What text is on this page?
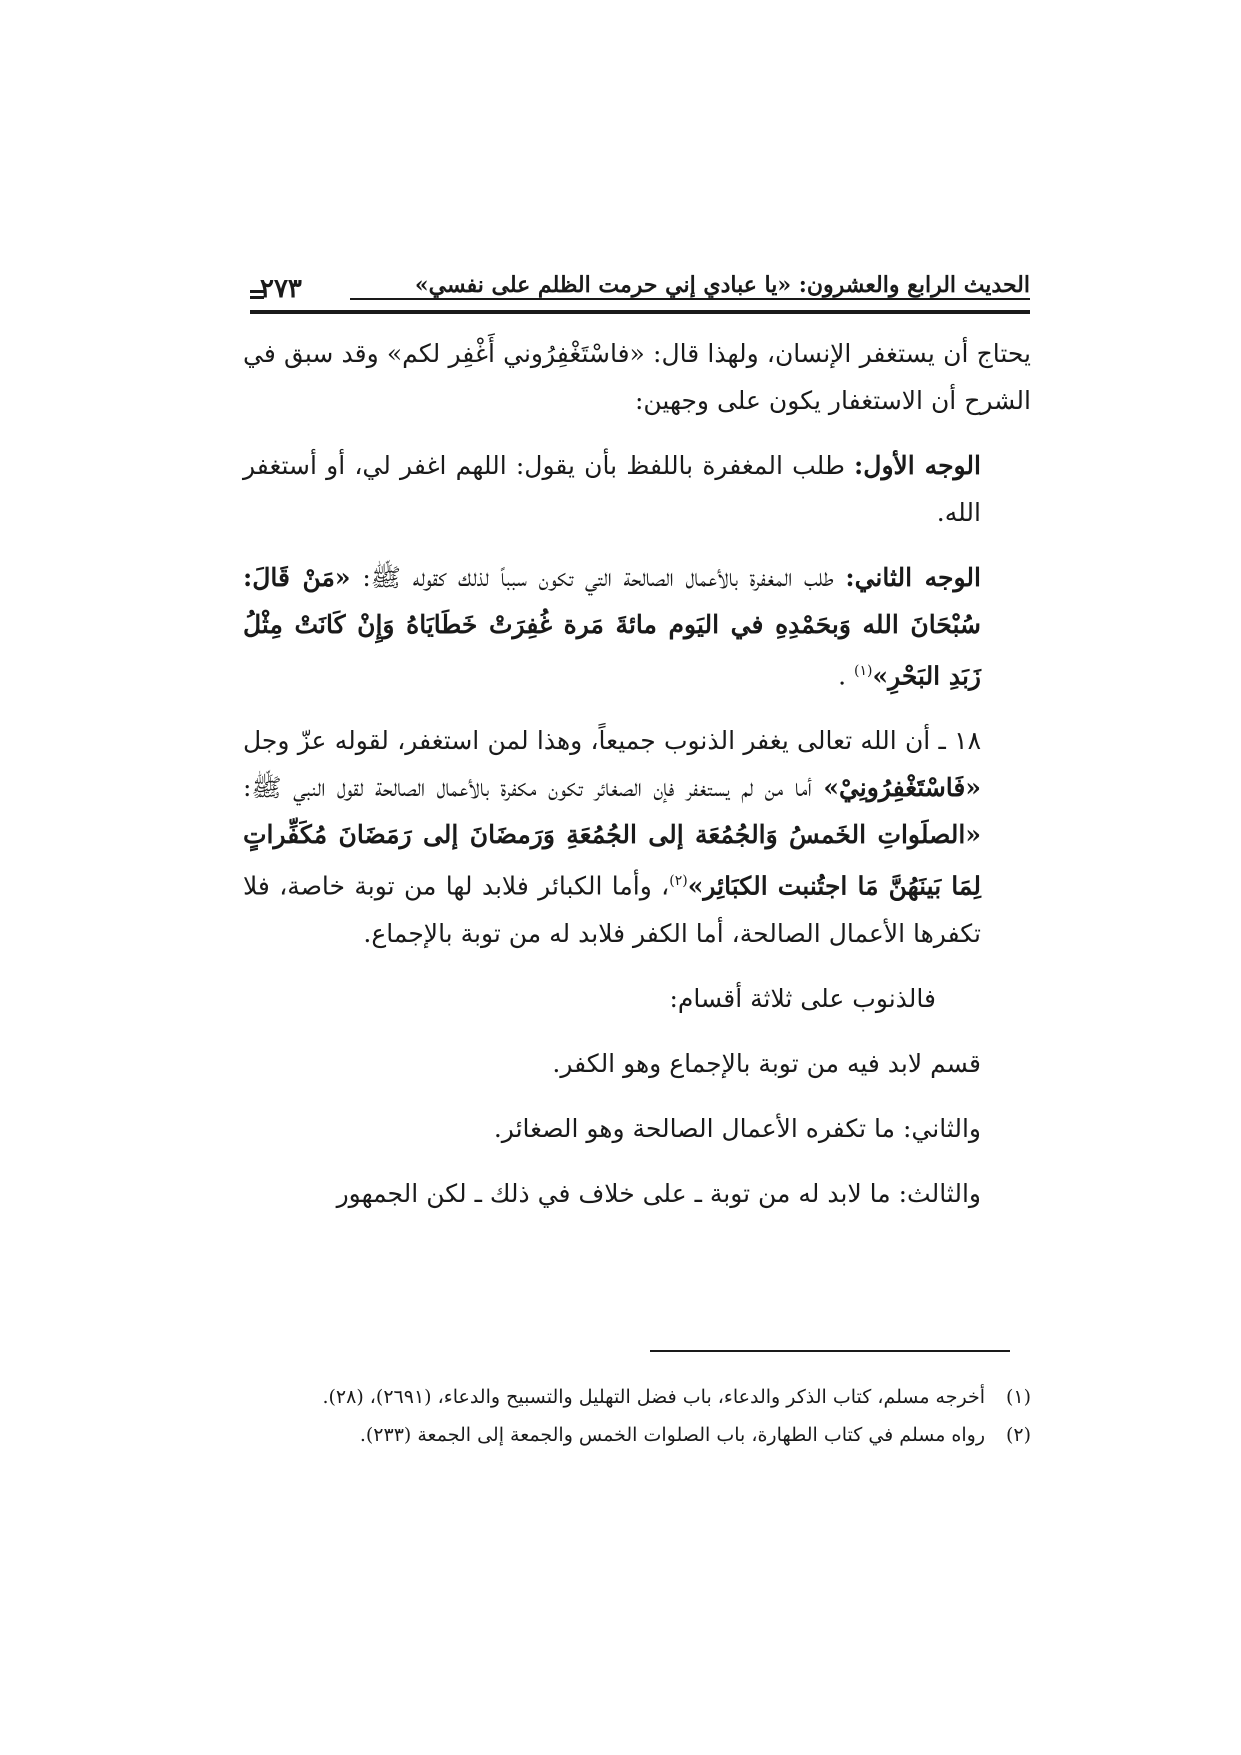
الحديث الرابع والعشرون: «يا عبادي إني حرمت الظلم على نفسي»
٢٧٣

يحتاج أن يستغفر الإنسان، ولهذا قال: «فاسْتَغْفِرُوني أَغْفِر لكم» وقد سبق في الشرح أن الاستغفار يكون على وجهين:

الوجه الأول: طلب المغفرة باللفظ بأن يقول: اللهم اغفر لي، أو أستغفر الله.

الوجه الثاني: طلب المغفرة بالأعمال الصالحة التي تكون سبباً لذلك كقوله ﷺ: «مَنْ قَالَ: سُبْحَانَ الله وَبحَمْدِهِ في اليَوم مائةَ مَرة غُفِرَتْ خَطَايَاهُ وَإِنْ كَانَتْ مِثْلُ زَبَدِ البَحْرِ»$^{(١)}$ .

١٨ ـ أن الله تعالى يغفر الذنوب جميعاً، وهذا لمن استغفر، لقوله عزّ وجل «فَاسْتَغْفِرُونِيْ» أما من لم يستغفر فإن الصغائر تكون مكفرة بالأعمال الصالحة لقول النبي ﷺ: «الصلَواتِ الخَمسُ وَالجُمُعَة إلى الجُمُعَةِ وَرَمضَانَ إلى رَمَضَانَ مُكَفِّراتٍ لِمَا بَينَهُنَّ مَا اجتُنبت الكبَائِر»$^{(٢)}$، وأما الكبائر فلابد لها من توبة خاصة، فلا تكفرها الأعمال الصالحة، أما الكفر فلابد له من توبة بالإجماع.

فالذنوب على ثلاثة أقسام:

قسم لابد فيه من توبة بالإجماع وهو الكفر.

والثاني: ما تكفره الأعمال الصالحة وهو الصغائر.

والثالث: ما لابد له من توبة ـ على خلاف في ذلك ـ لكن الجمهور

(١)
أخرجه مسلم، كتاب الذكر والدعاء، باب فضل التهليل والتسبيح والدعاء، (٢٦٩١)، (٢٨).
(٢)
رواه مسلم في كتاب الطهارة، باب الصلوات الخمس والجمعة إلى الجمعة (٢٣٣).
